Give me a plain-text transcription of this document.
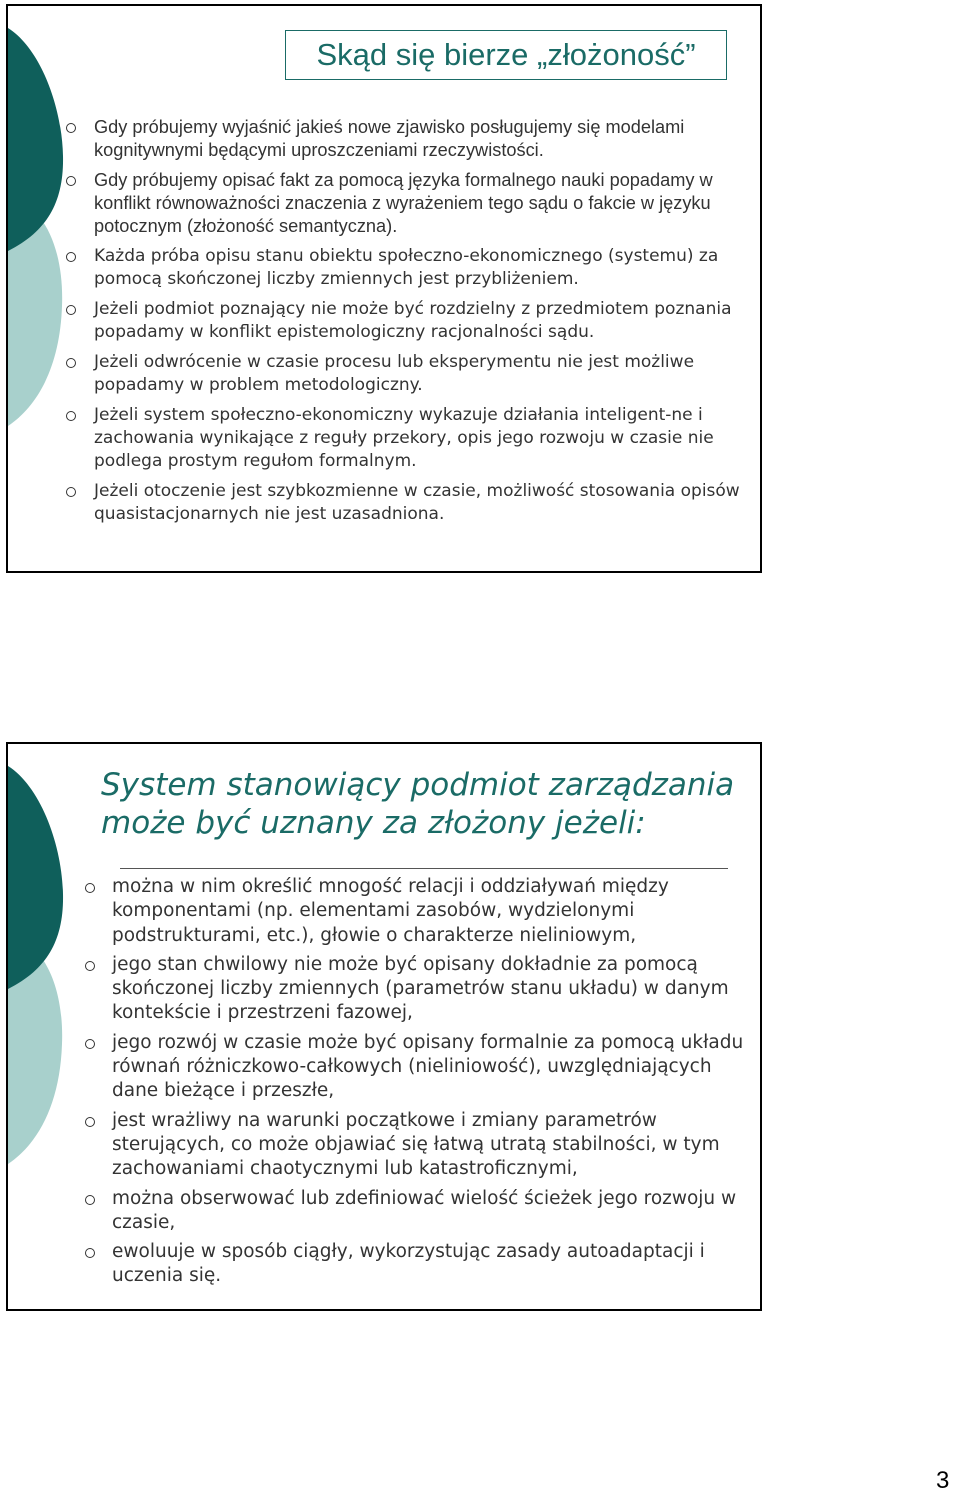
Skąd się bierze „złożoność”
Gdy próbujemy wyjaśnić jakieś nowe zjawisko posługujemy się modelami kognitywnymi będącymi uproszczeniami rzeczywistości.
Gdy próbujemy opisać fakt za pomocą języka formalnego nauki popadamy w konflikt równoważności znaczenia z wyrażeniem tego sądu o fakcie w języku potocznym (złożoność semantyczna).
Każda próba opisu stanu obiektu społeczno-ekonomicznego (systemu) za pomocą skończonej liczby zmiennych jest przybliżeniem.
Jeżeli podmiot poznający nie może być rozdzielny z przedmiotem poznania popadamy w konflikt epistemologiczny racjonalności sądu.
Jeżeli odwrócenie w czasie procesu lub eksperymentu nie jest możliwe popadamy w problem metodologiczny.
Jeżeli system społeczno-ekonomiczny wykazuje działania inteligent-ne i zachowania wynikające z reguły przekory, opis jego rozwoju w czasie nie podlega prostym regułom formalnym.
Jeżeli otoczenie jest szybkozmienne w czasie, możliwość stosowania opisów quasistacjonarnych nie jest uzasadniona.
System stanowiący podmiot zarządzania może być uznany za złożony jeżeli:
można w nim określić mnogość relacji i oddziaływań między komponentami (np. elementami zasobów, wydzielonymi podstrukturami, etc.), głowie o charakterze nieliniowym,
jego stan chwilowy nie może być opisany dokładnie za pomocą skończonej liczby zmiennych (parametrów stanu układu) w danym kontekście i przestrzeni fazowej,
jego rozwój w czasie może być opisany formalnie za pomocą układu równań różniczkowo-całkowych (nieliniowość), uwzględniających dane bieżące i przeszłe,
jest wrażliwy na warunki początkowe i zmiany parametrów sterujących, co może objawiać się łatwą utratą stabilności, w tym zachowaniami chaotycznymi lub katastroficznymi,
można obserwować lub zdefiniować wielość ścieżek jego rozwoju w czasie,
ewoluuje w sposób ciągły, wykorzystując zasady autoadaptacji i uczenia się.
3
